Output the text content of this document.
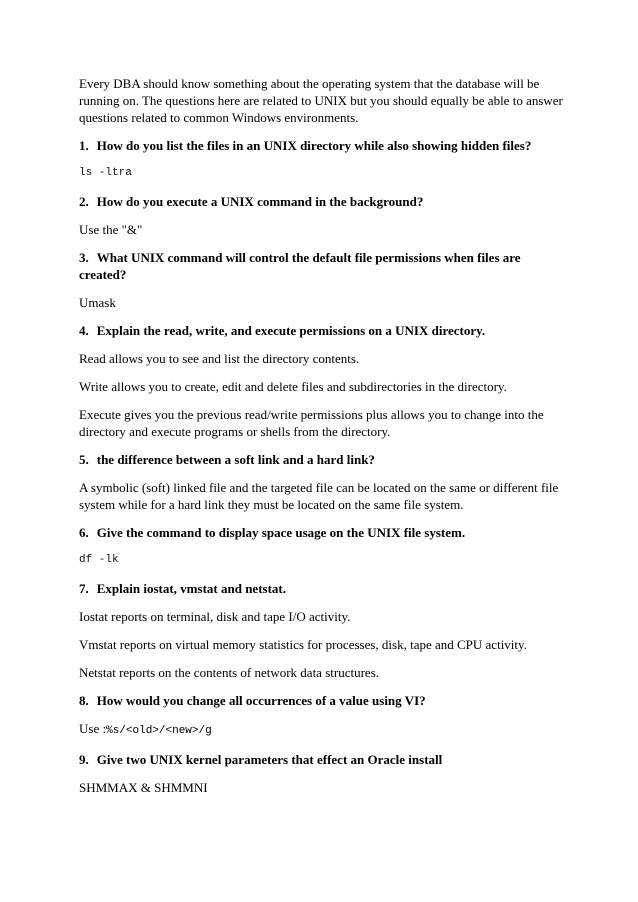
Every DBA should know something about the operating system that the database will be running on. The questions here are related to UNIX but you should equally be able to answer questions related to common Windows environments.

1. How do you list the files in an UNIX directory while also showing hidden files?

ls -ltra

2. How do you execute a UNIX command in the background?

Use the "&"

3. What UNIX command will control the default file permissions when files are created?

Umask

4. Explain the read, write, and execute permissions on a UNIX directory.

Read allows you to see and list the directory contents.

Write allows you to create, edit and delete files and subdirectories in the directory.

Execute gives you the previous read/write permissions plus allows you to change into the directory and execute programs or shells from the directory.

5. the difference between a soft link and a hard link?

A symbolic (soft) linked file and the targeted file can be located on the same or different file system while for a hard link they must be located on the same file system.

6. Give the command to display space usage on the UNIX file system.

df -lk

7. Explain iostat, vmstat and netstat.

Iostat reports on terminal, disk and tape I/O activity.

Vmstat reports on virtual memory statistics for processes, disk, tape and CPU activity.

Netstat reports on the contents of network data structures.

8. How would you change all occurrences of a value using VI?

Use :%s/<old>/<new>/g

9. Give two UNIX kernel parameters that effect an Oracle install

SHMMAX & SHMMNI
